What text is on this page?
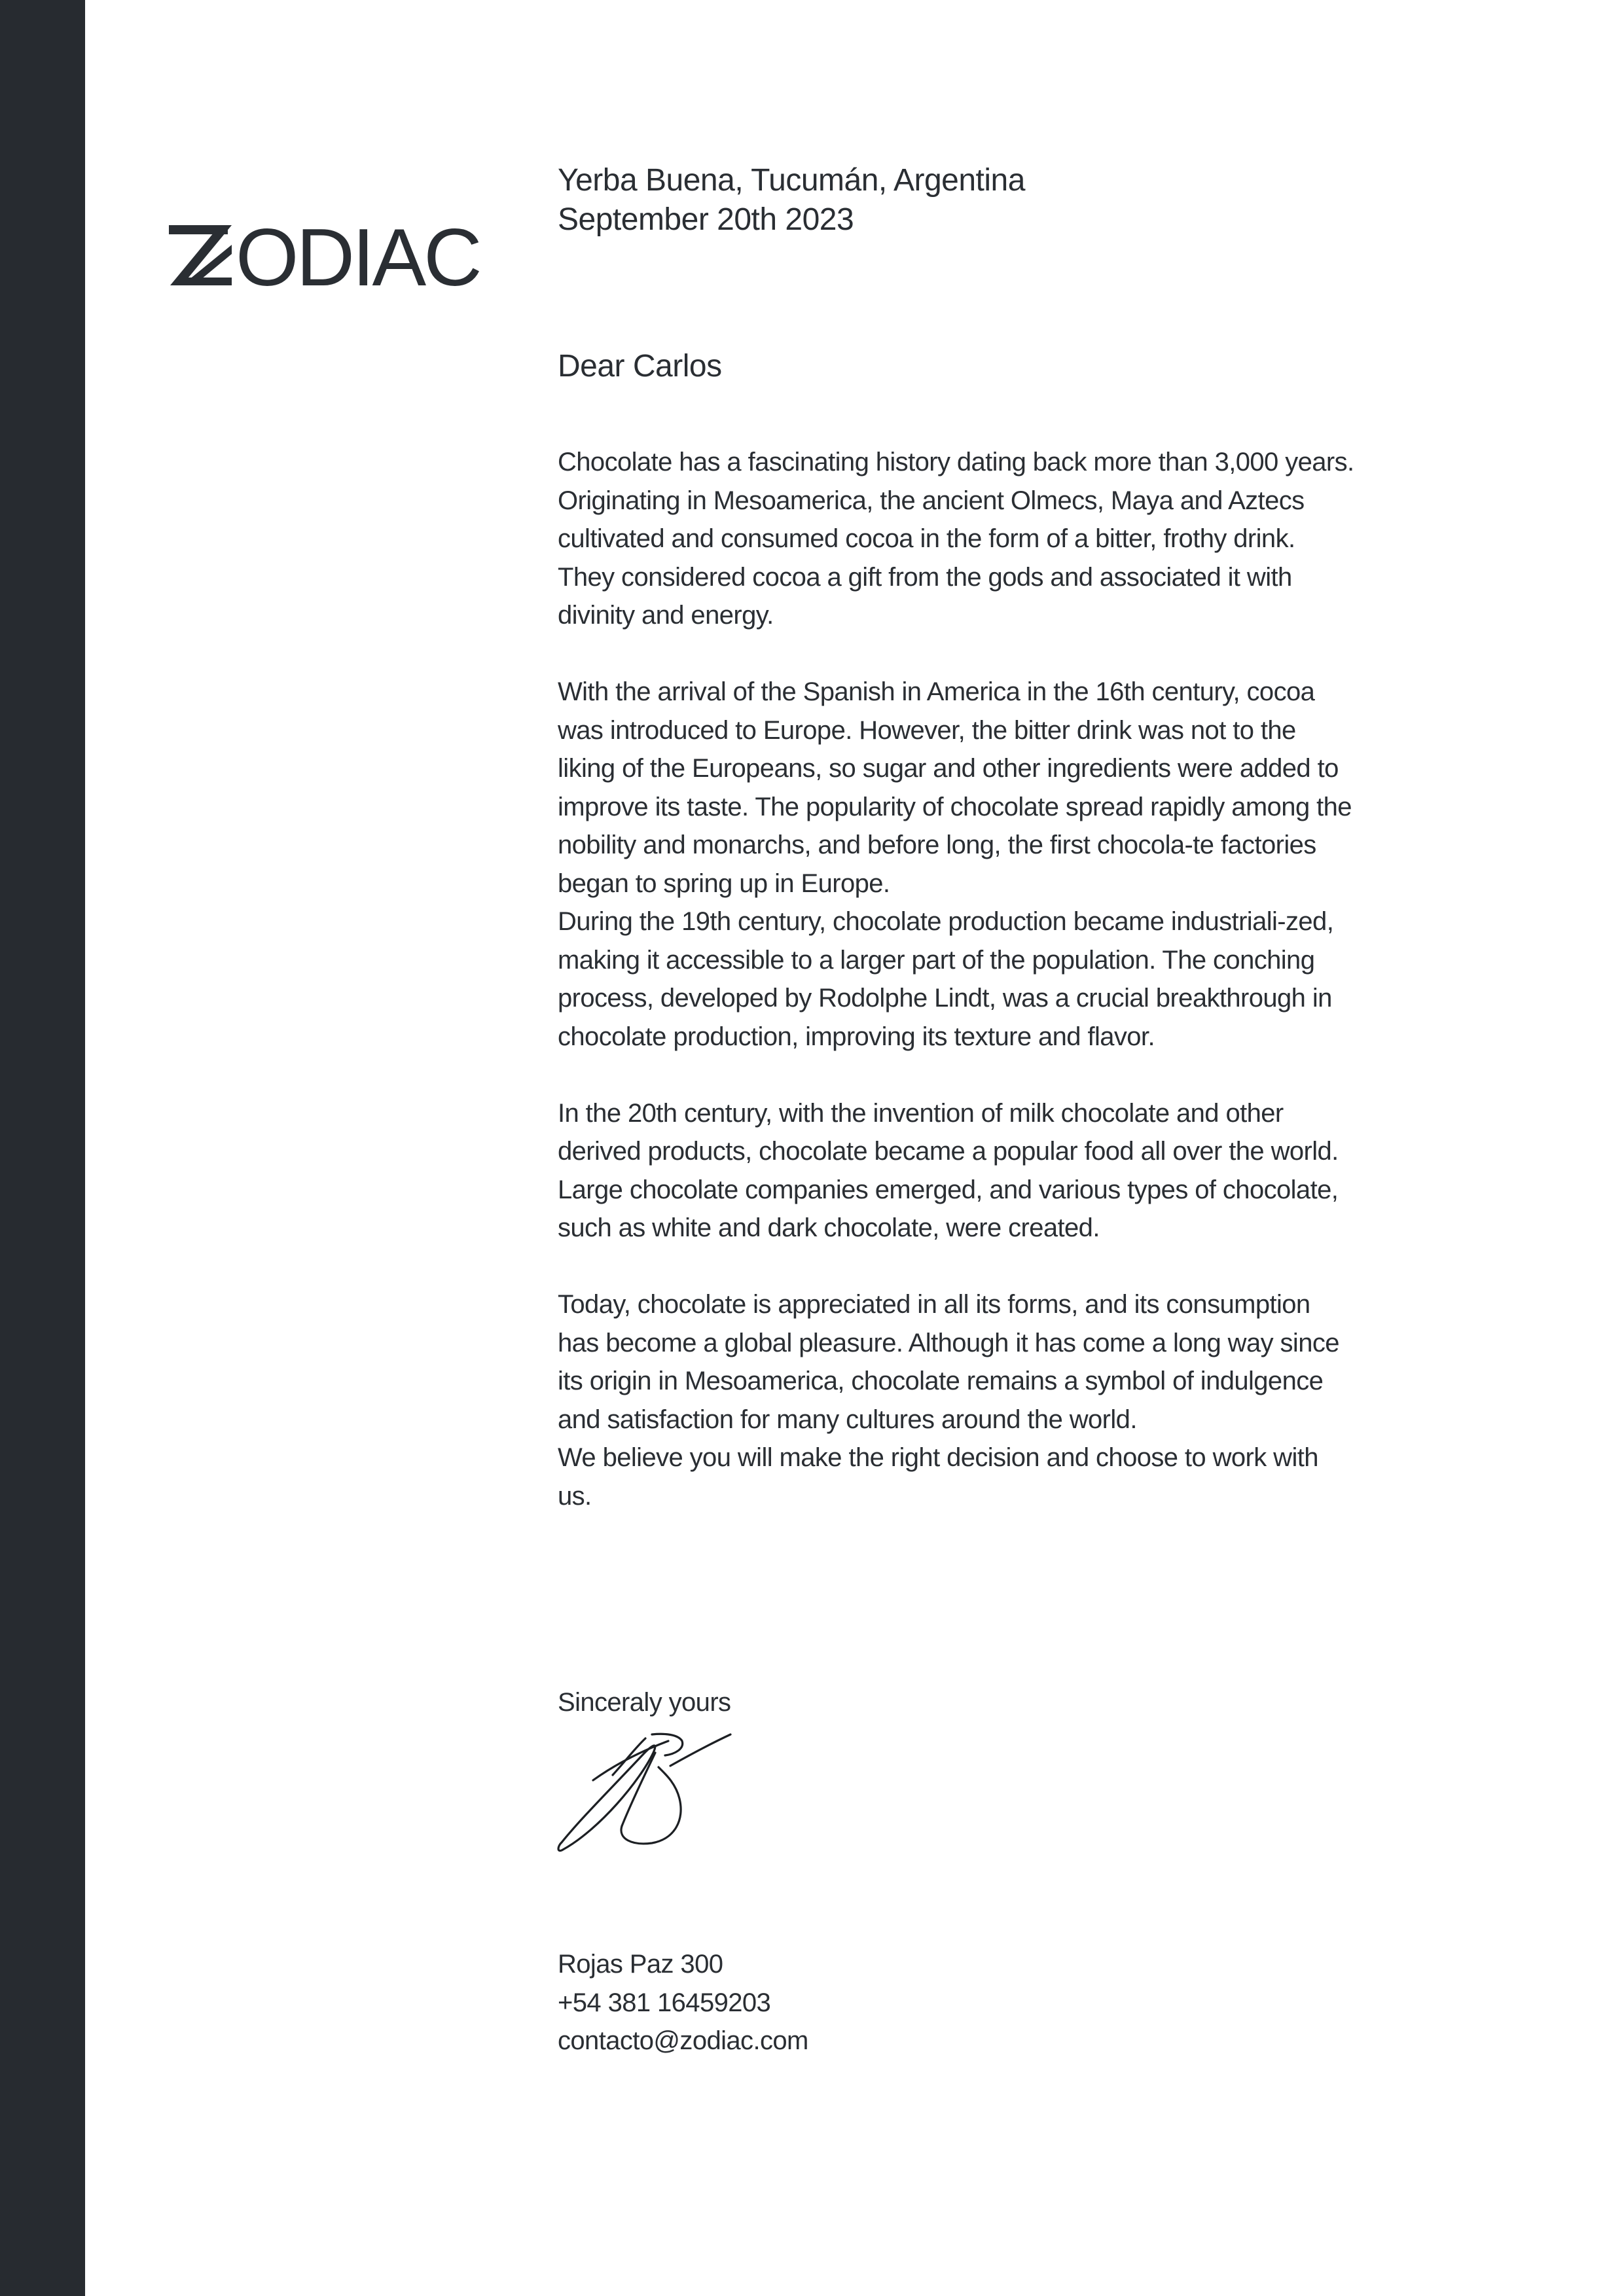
ODIAC
Yerba Buena, Tucumán, Argentina
September 20th 2023
Dear Carlos

Chocolate has a fascinating history dating back more than 3,000 years. Originating in Mesoamerica, the ancient Olmecs, Maya and Aztecs cultivated and consumed cocoa in the form of a bitter, frothy drink. They considered cocoa a gift from the gods and associated it with divinity and energy.

With the arrival of the Spanish in America in the 16th century, cocoa was introduced to Europe. However, the bitter drink was not to the liking of the Europeans, so sugar and other ingredients were added to improve its taste. The popularity of chocolate spread rapidly among the nobility and monarchs, and before long, the first chocola-te factories began to spring up in Europe.

During the 19th century, chocolate production became industriali-zed, making it accessible to a larger part of the population. The conching process, developed by Rodolphe Lindt, was a crucial breakthrough in chocolate production, improving its texture and flavor.

In the 20th century, with the invention of milk chocolate and other derived products, chocolate became a popular food all over the world. Large chocolate companies emerged, and various types of chocolate, such as white and dark chocolate, were created.

Today, chocolate is appreciated in all its forms, and its consumption has become a global pleasure. Although it has come a long way since its origin in Mesoamerica, chocolate remains a symbol of indulgence and satisfaction for many cultures around the world.

We believe you will make the right decision and choose to work with us.

Sinceraly yours
Rojas Paz 300
+54 381 16459203
contacto@zodiac.com
